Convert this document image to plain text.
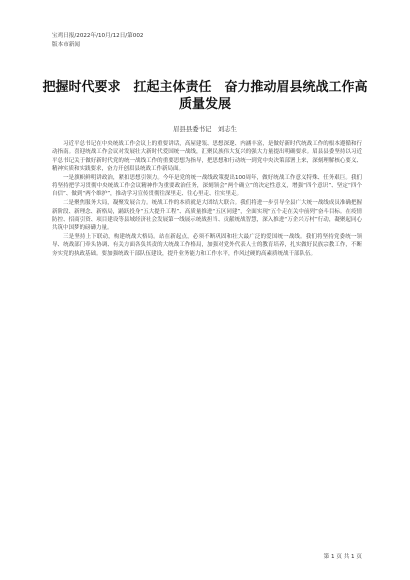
宝鸡日报/2022年/10月/12日/第002
版本市新闻
把握时代要求　扛起主体责任　奋力推动眉县统战工作高质量发展
眉县县委书记　刘志生

习近平总书记在中央统战工作会议上的重要讲话，高屋建瓴、思想深邃、内涵丰富，是做好新时代统战工作的根本遵循和行动指南。喜迎统战工作会议对发展壮大新时代爱国统一战线，汇聚民族伟大复兴的强大力量提出明确要求。眉县县委坚持以习近平总书记关于做好新时代党的统一战线工作的重要思想为指导，把思想和行动统一到党中央决策部署上来，深刻理解核心要义、精神实质和实践要求，奋力开创眉县统战工作新局面。

一是旗帜鲜明讲政治，紧扣思想引领力。今年是党的统一战线政策提出100周年，做好统战工作意义特殊、任务艰巨。我们将坚持把学习贯彻中央统战工作会议精神作为重要政治任务，深刻领会“两个确立”的决定性意义，增强“四个意识”、坚定“四个自信”、做到“两个维护”，推动学习宣传贯彻往深里走、往心里走、往实里走。

二是聚焦服务大局，凝聚发展合力。统战工作的本质就是大团结大联合。我们将进一步引导全县广大统一战线成员准确把握新阶段、新理念、新格局，踊跃投身“五大提升工程”、高质量推进“五区同建”，全面实现“五个走在关中前列”奋斗目标。在疫情防控、招商引资、项目建设等县域经济社会发展第一线展示统战担当、贡献统战智慧，深入推进“万企兴万村”行动，凝聚起同心共筑中国梦的磅礴力量。

三是坚持上下联动，构建统战大格局。站在新起点，必须不断巩固和壮大最广泛的爱国统一战线。我们将坚持党委统一领导、统战部门牵头协调、有关方面各负其责的大统战工作格局，加强对党外代表人士的教育培养，扎实做好民族宗教工作，不断夯实党的执政基础。要加强统战干部队伍建设，提升业务能力和工作水平，作风过硬的高素质统战干部队伍。

第 1 页 共 1 页
